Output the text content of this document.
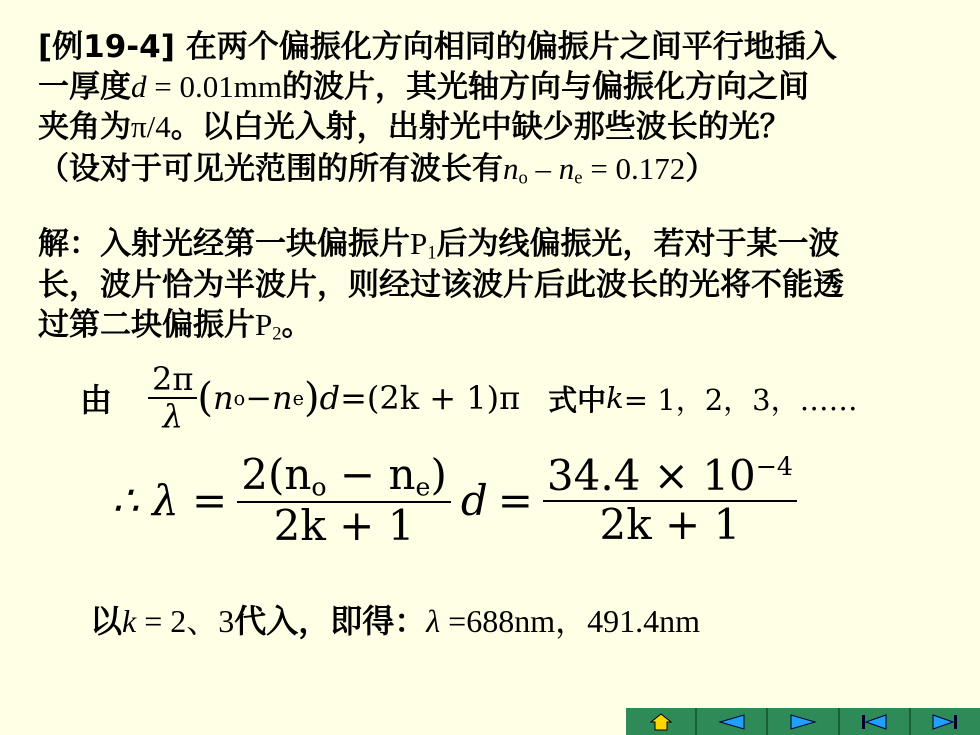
[例19-4] 在两个偏振化方向相同的偏振片之间平行地插入
一厚度d = 0.01mm的波片，其光轴方向与偏振化方向之间
夹角为π/4。以白光入射，出射光中缺少那些波长的光？
（设对于可见光范围的所有波长有$n_o - n_e = 0.172$）
解：入射光经第一块偏振片$P_1$后为线偏振光，若对于某一波
长，波片恰为半波片，则经过该波片后此波长的光将不能透
过第二块偏振片$P_2$。
由 $\frac{2\pi}{\lambda}$ ( n o − n e ) d = (2k + 1)π 式中 k = 1，2，3，……
∴ $\lambda = \frac{2(n_o - n_e)}{2k + 1}$ $d = \frac{34.4 \times 10^{-4}}{2k + 1}$
以k = 2、3代入，即得：λ =688nm，491.4nm
